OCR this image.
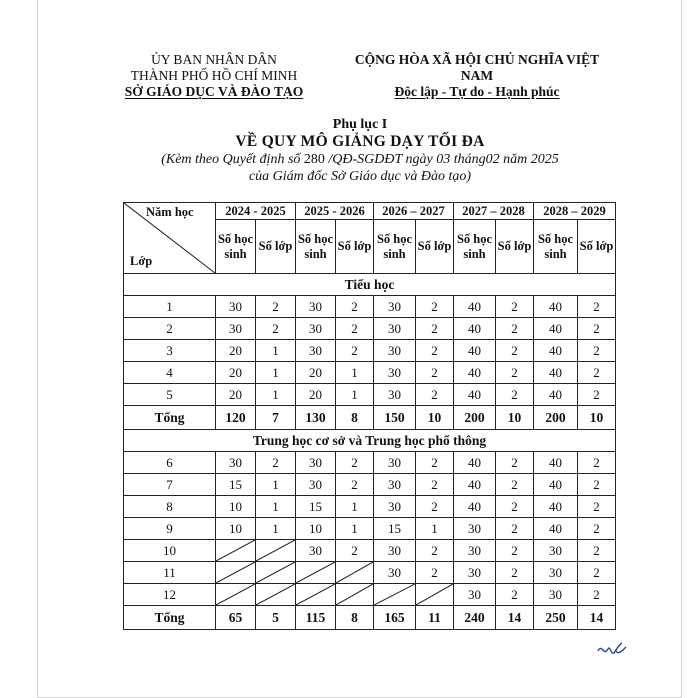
ỦY BAN NHÂN DÂN
THÀNH PHỐ HỒ CHÍ MINH
SỞ GIÁO DỤC VÀ ĐÀO TẠO
CỘNG HÒA XÃ HỘI CHỦ NGHĨA VIỆT NAM
Độc lập - Tự do - Hạnh phúc
Phụ lục I
VỀ QUY MÔ GIẢNG DẠY TỐI ĐA
(Kèm theo Quyết định số 280 /QĐ-SGDĐT ngày 03 tháng02 năm 2025
của Giám đốc Sở Giáo dục và Đào tạo)
Năm học
Lớp	2024 - 2025		2025 - 2026		2026 – 2027		2027 – 2028		2028 – 2029	
	Số học sinh	Số lớp	Số học sinh	Số lớp	Số học sinh	Số lớp	Số học sinh	Số lớp	Số học sinh	Số lớp
Tiểu học										
1	30	2	30	2	30	2	40	2	40	2
2	30	2	30	2	30	2	40	2	40	2
3	20	1	30	2	30	2	40	2	40	2
4	20	1	20	1	30	2	40	2	40	2
5	20	1	20	1	30	2	40	2	40	2
Tổng	120	7	130	8	150	10	200	10	200	10
Trung học cơ sở và Trung học phổ thông										
6	30	2	30	2	30	2	40	2	40	2
7	15	1	30	2	30	2	40	2	40	2
8	10	1	15	1	30	2	40	2	40	2
9	10	1	10	1	15	1	30	2	40	2
10			30	2	30	2	30	2	30	2
11					30	2	30	2	30	2
12							30	2	30	2
Tổng	65	5	115	8	165	11	240	14	250	14
